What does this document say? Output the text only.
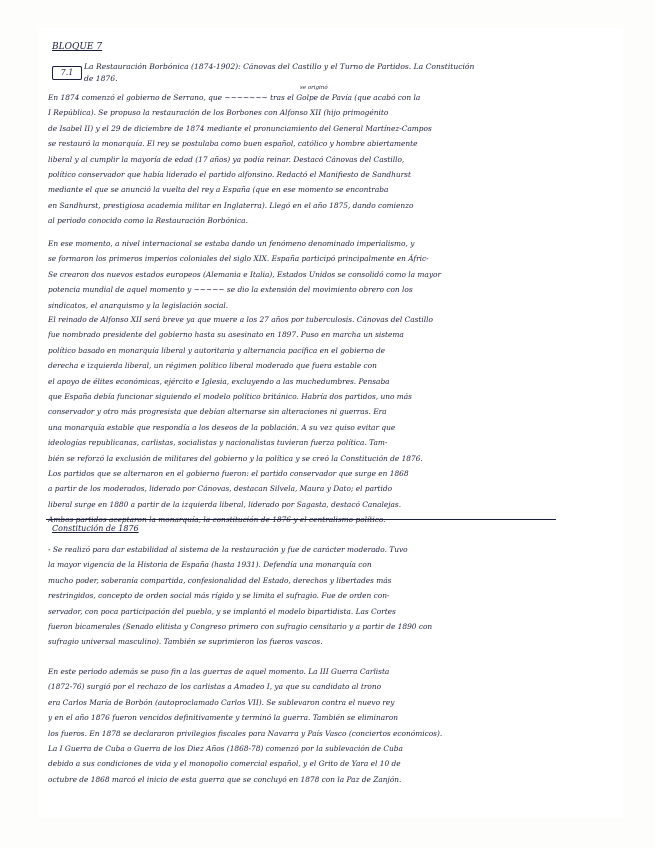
BLOQUE 7
7.1
La Restauración Borbónica (1874-1902): Cánovas del Castillo y el Turno de Partidos. La Constitución
de 1876.
se originó
En 1874 comenzó el gobierno de Serrano, que ~~~~~~~ tras el Golpe de Pavía (que acabó con la
I República). Se propuso la restauración de los Borbones con Alfonso XII (hijo primogénito
de Isabel II) y el 29 de diciembre de 1874 mediante el pronunciamiento del General Martínez-Campos
se restauró la monarquía. El rey se postulaba como buen español, católico y hombre abiertamente
liberal y al cumplir la mayoría de edad (17 años) ya podía reinar. Destacó Cánovas del Castillo,
político conservador que había liderado el partido alfonsino. Redactó el Manifiesto de Sandhurst
mediante el que se anunció la vuelta del rey a España (que en ese momento se encontraba
en Sandhurst, prestigiosa academia militar en Inglaterra). Llegó en el año 1875, dando comienzo
al periodo conocido como la Restauración Borbónica.
En ese momento, a nivel internacional se estaba dando un fenómeno denominado imperialismo, y
se formaron los primeros imperios coloniales del siglo XIX. España participó principalmente en Áfric-
Se crearon dos nuevos estados europeos (Alemania e Italia), Estados Unidos se consolidó como la mayor
potencia mundial de aquel momento y ~~~~~ se dio la extensión del movimiento obrero con los
sindicatos, el anarquismo y la legislación social.
El reinado de Alfonso XII será breve ya que muere a los 27 años por tuberculosis. Cánovas del Castillo
fue nombrado presidente del gobierno hasta su asesinato en 1897. Puso en marcha un sistema
político basado en monarquía liberal y autoritaria y alternancia pacífica en el gobierno de
derecha e izquierda liberal, un régimen político liberal moderado que fuera estable con
el apoyo de élites económicas, ejército e Iglesia, excluyendo a las muchedumbres. Pensaba
que España debía funcionar siguiendo el modelo político británico. Habría dos partidos, uno más
conservador y otro más progresista que debían alternarse sin alteraciones ni guerras. Era
una monarquía estable que respondía a los deseos de la población. A su vez quiso evitar que
ideologías republicanas, carlistas, socialistas y nacionalistas tuvieran fuerza política. Tam-
bién se reforzó la exclusión de militares del gobierno y la política y se creó la Constitución de 1876.
Los partidos que se alternaron en el gobierno fueron: el partido conservador que surge en 1868
a partir de los moderados, liderado por Cánovas, destacan Silvela, Maura y Dato; el partido
liberal surge en 1880 a partir de la izquierda liberal, liderado por Sagasta, destacó Canalejas.
Constitución de 1876
- Se realizó para dar estabilidad al sistema de la restauración y fue de carácter moderado. Tuvo
la mayor vigencia de la Historia de España (hasta 1931). Defendía una monarquía con
mucho poder, soberanía compartida, confesionalidad del Estado, derechos y libertades más
restringidos, concepto de orden social más rígido y se limita el sufragio. Fue de orden con-
servador, con poca participación del pueblo, y se implantó el modelo bipartidista. Las Cortes
fueron bicamerales (Senado elitista y Congreso primero con sufragio censitario y a partir de 1890 con
sufragio universal masculino). También se suprimieron los fueros vascos.
En este periodo además se puso fin a las guerras de aquel momento. La III Guerra Carlista
(1872-76) surgió por el rechazo de los carlistas a Amadeo I, ya que su candidato al trono
era Carlos María de Borbón (autoproclamado Carlos VII). Se sublevaron contra el nuevo rey
y en el año 1876 fueron vencidos definitivamente y terminó la guerra. También se eliminaron
los fueros. En 1878 se declararon privilegios fiscales para Navarra y País Vasco (conciertos económicos).
La I Guerra de Cuba o Guerra de los Diez Años (1868-78) comenzó por la sublevación de Cuba
debido a sus condiciones de vida y el monopolio comercial español, y el Grito de Yara el 10 de
octubre de 1868 marcó el inicio de esta guerra que se concluyó en 1878 con la Paz de Zanjón.
